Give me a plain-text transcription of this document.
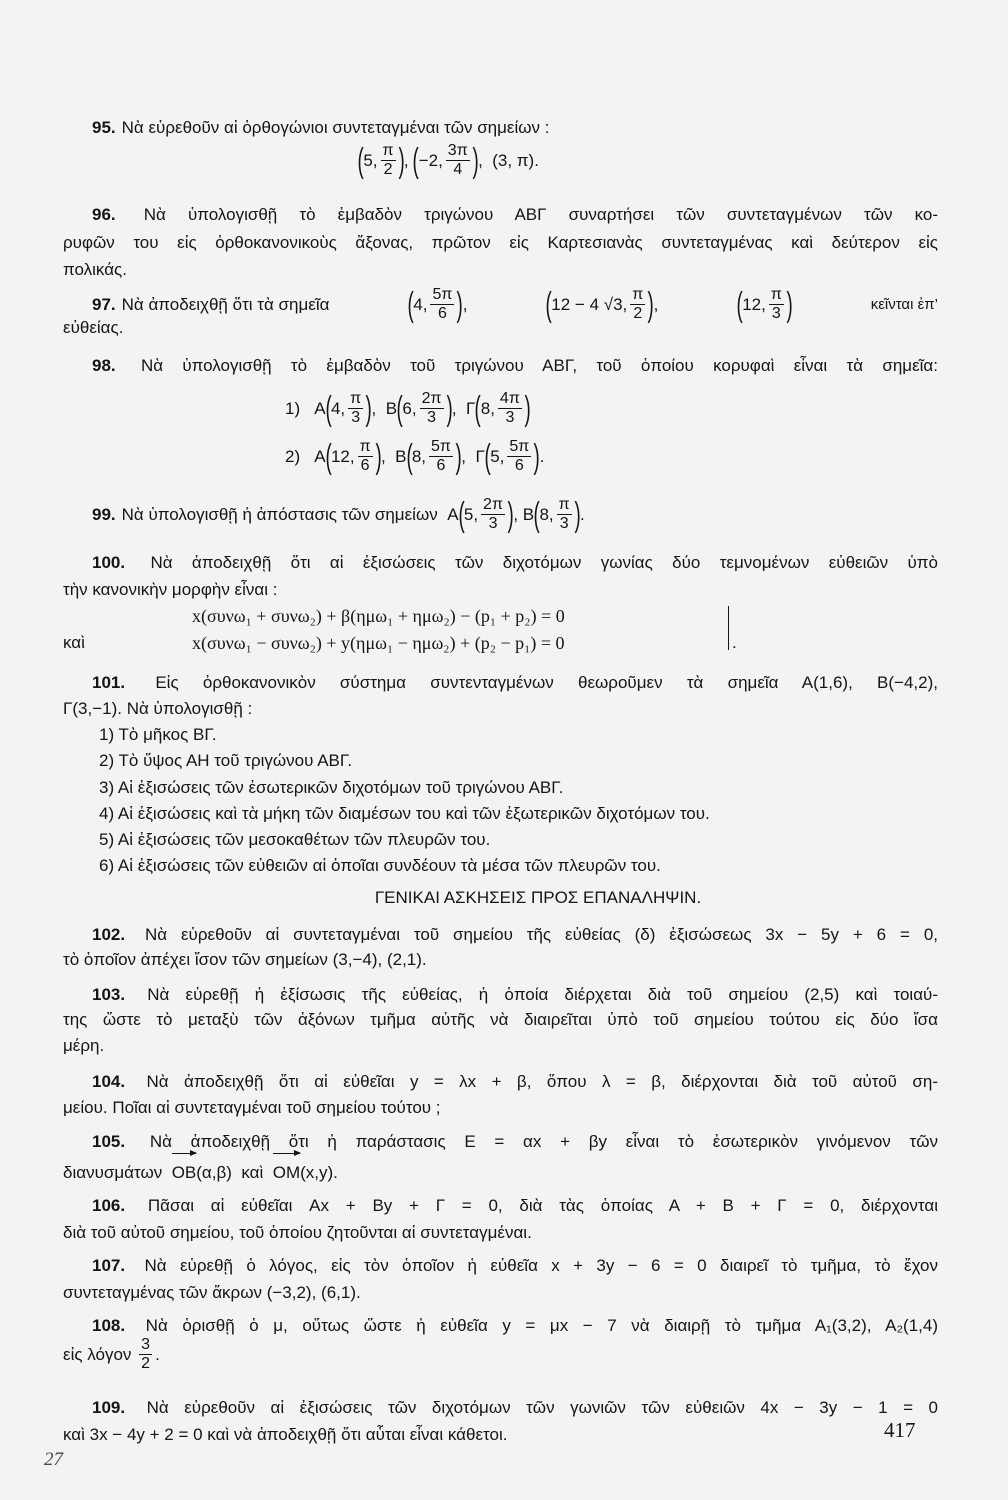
95. Νὰ εὑρεθοῦν αἱ ὀρθογώνιοι συντεταγμέναι τῶν σημείων :
( 5, π
2 ) ,
( −2, 3π
4 ) ,
(3, π).
96. Νὰ ὑπολογισθῇ τὸ ἐμβαδὸν τριγώνου ΑΒΓ συναρτήσει τῶν συντεταγμένων τῶν κο-
ρυφῶν του εἰς ὀρθοκανονικοὺς ἄξονας, πρῶτον εἰς Καρτεσιανὰς συντεταγμένας καὶ δεύτερον εἰς
πολικάς.
97. Νὰ ἀποδειχθῇ ὅτι τὰ σημεῖα ( 4, 5π
6 ) , ( 12 − 4 √3, π
2 ) , ( 12, π
3 )	κεῖνται ἐπ’
εὐθείας.
98. Νὰ ὑπολογισθῇ τὸ ἐμβαδὸν τοῦ τριγώνου ΑΒΓ, τοῦ ὁποίου κορυφαὶ εἶναι τὰ σημεῖα:
1)
Α ( 4, π
3 ) ,
Β ( 6, 2π
3 ) ,
Γ ( 8, 4π
3 )
2)
Α ( 12, π
6 ) ,
Β ( 8, 5π
6 ) ,
Γ ( 5, 5π
6 ) .
99. Νὰ ὑπολογισθῇ ἡ ἀπόστασις τῶν σημείων
Α ( 5, 2π
3 ) ,
Β ( 8, π
3 ) .
100. Νὰ ἀποδειχθῇ ὅτι αἱ ἐξισώσεις τῶν διχοτόμων γωνίας δύο τεμνομένων εὐθειῶν ὑπὸ
τὴν κανονικὴν μορφὴν εἶναι :
x(συνω₁ + συνω₂) + β(ημω₁ + ημω₂) − (p₁ + p₂) = 0
καὶ	x(συνω₁ − συνω₂) + y(ημω₁ − ημω₂) + (p₂ − p₁) = 0	.
101. Εἰς ὀρθοκανονικὸν σύστημα συντενταγμένων θεωροῦμεν τὰ σημεῖα Α(1,6), Β(−4,2),
Γ(3,−1). Νὰ ὑπολογισθῇ :
1) Τὸ μῆκος ΒΓ.
2) Τὸ ὕψος ΑΗ τοῦ τριγώνου ΑΒΓ.
3) Αἱ ἐξισώσεις τῶν ἐσωτερικῶν διχοτόμων τοῦ τριγώνου ΑΒΓ.
4) Αἱ ἐξισώσεις καὶ τὰ μήκη τῶν διαμέσων του καὶ τῶν ἐξωτερικῶν διχοτόμων του.
5) Αἱ ἐξισώσεις τῶν μεσοκαθέτων τῶν πλευρῶν του.
6) Αἱ ἐξισώσεις τῶν εὐθειῶν αἱ ὁποῖαι συνδέουν τὰ μέσα τῶν πλευρῶν του.
ΓΕΝΙΚΑΙ ΑΣΚΗΣΕΙΣ ΠΡΟΣ ΕΠΑΝΑΛΗΨΙΝ.
102. Νὰ εὑρεθοῦν αἱ συντεταγμέναι τοῦ σημείου τῆς εὐθείας (δ) ἐξισώσεως 3x − 5y + 6 = 0,
τὸ ὁποῖον ἀπέχει ἴσον τῶν σημείων (3,−4), (2,1).
103. Νὰ εὑρεθῇ ἡ ἐξίσωσις τῆς εὐθείας, ἡ ὁποία διέρχεται διὰ τοῦ σημείου (2,5) καὶ τοιαύ-
της ὥστε τὸ μεταξὺ τῶν ἀξόνων τμῆμα αὐτῆς νὰ διαιρεῖται ὑπὸ τοῦ σημείου τούτου εἰς δύο ἴσα
μέρη.
104. Νὰ ἀποδειχθῇ ὅτι αἱ εὐθεῖαι y = λx + β, ὅπου λ = β, διέρχονται διὰ τοῦ αὐτοῦ ση-
μείου. Ποῖαι αἱ συντεταγμέναι τοῦ σημείου τούτου ;
105. Νὰ ἀποδειχθῇ ὅτι ἡ παράστασις Ε = αx + βy εἶναι τὸ ἐσωτερικὸν γινόμενον τῶν
διανυσμάτων OB(α,β) καὶ OM(x,y).
106. Πᾶσαι αἱ εὐθεῖαι Ax + By + Γ = 0, διὰ τὰς ὁποίας Α + Β + Γ = 0, διέρχονται
διὰ τοῦ αὐτοῦ σημείου, τοῦ ὁποίου ζητοῦνται αἱ συντεταγμέναι.
107. Νὰ εὑρεθῇ ὁ λόγος, εἰς τὸν ὁποῖον ἡ εὐθεῖα x + 3y − 6 = 0 διαιρεῖ τὸ τμῆμα, τὸ ἔχον
συντεταγμένας τῶν ἄκρων (−3,2), (6,1).
108. Νὰ ὁρισθῇ ὁ μ, οὕτως ὥστε ἡ εὐθεῖα y = μx − 7 νὰ διαιρῇ τὸ τμῆμα Α₁(3,2), Α₂(1,4)
εἰς λόγον
3
2 .
109. Νὰ εὑρεθοῦν αἱ ἐξισώσεις τῶν διχοτόμων τῶν γωνιῶν τῶν εὐθειῶν 4x − 3y − 1 = 0
καὶ 3x − 4y + 2 = 0 καὶ νὰ ἀποδειχθῇ ὅτι αὗται εἶναι κάθετοι.
27
417
